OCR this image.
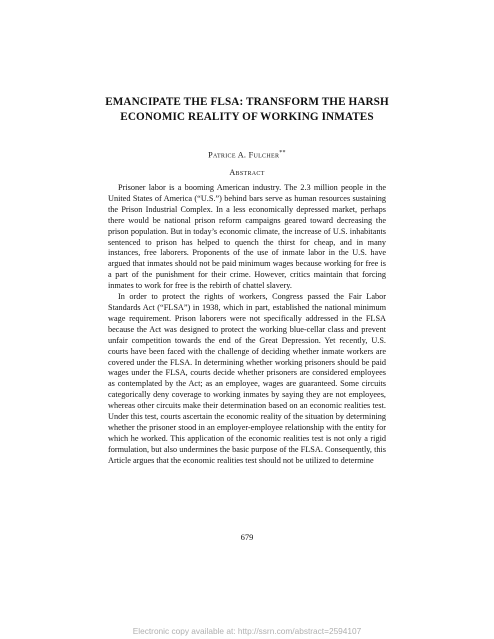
EMANCIPATE THE FLSA: TRANSFORM THE HARSH ECONOMIC REALITY OF WORKING INMATES
Patrice A. Fulcher**
Abstract

Prisoner labor is a booming American industry. The 2.3 million people in the United States of America (“U.S.”) behind bars serve as human resources sustaining the Prison Industrial Complex. In a less economically depressed market, perhaps there would be national prison reform campaigns geared toward decreasing the prison population. But in today’s economic climate, the increase of U.S. inhabitants sentenced to prison has helped to quench the thirst for cheap, and in many instances, free laborers. Proponents of the use of inmate labor in the U.S. have argued that inmates should not be paid minimum wages because working for free is a part of the punishment for their crime. However, critics maintain that forcing inmates to work for free is the rebirth of chattel slavery.

In order to protect the rights of workers, Congress passed the Fair Labor Standards Act (“FLSA”) in 1938, which in part, established the national minimum wage requirement. Prison laborers were not specifically addressed in the FLSA because the Act was designed to protect the working blue-cellar class and prevent unfair competition towards the end of the Great Depression. Yet recently, U.S. courts have been faced with the challenge of deciding whether inmate workers are covered under the FLSA. In determining whether working prisoners should be paid wages under the FLSA, courts decide whether prisoners are considered employees as contemplated by the Act; as an employee, wages are guaranteed. Some circuits categorically deny coverage to working inmates by saying they are not employees, whereas other circuits make their determination based on an economic realities test. Under this test, courts ascertain the economic reality of the situation by determining whether the prisoner stood in an employer-employee relationship with the entity for which he worked. This application of the economic realities test is not only a rigid formulation, but also undermines the basic purpose of the FLSA. Consequently, this Article argues that the economic realities test should not be utilized to determine

679
Electronic copy available at: http://ssrn.com/abstract=2594107
